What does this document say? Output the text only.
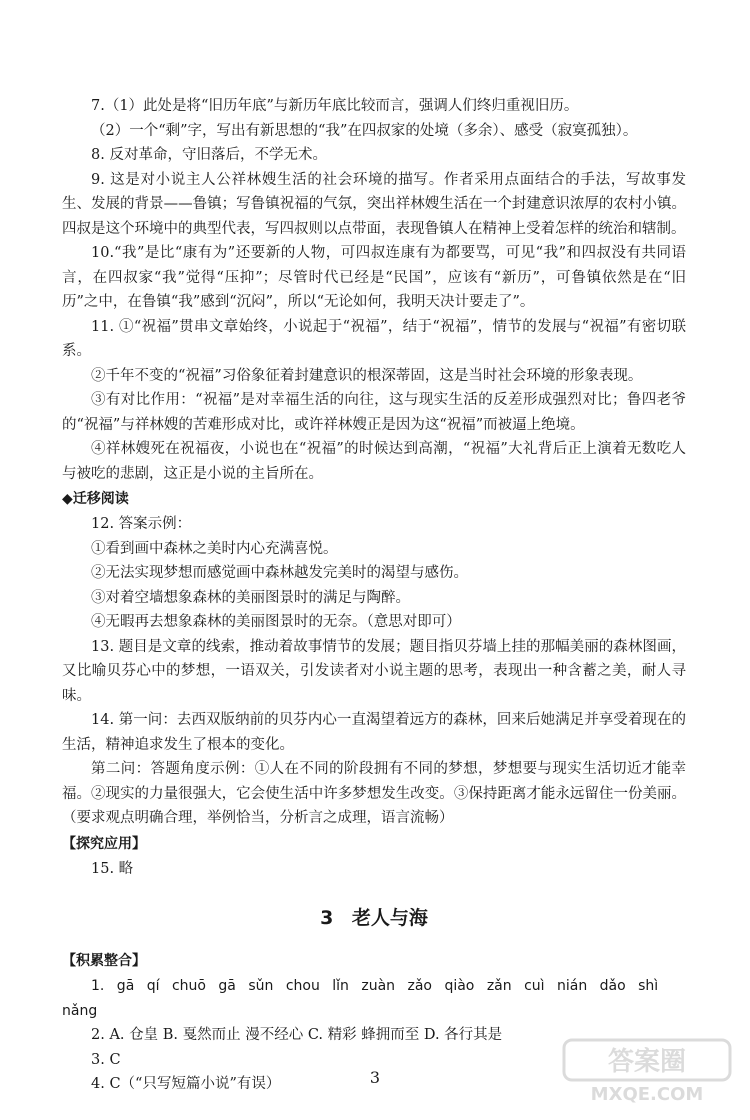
7.（1）此处是将“旧历年底”与新历年底比较而言，强调人们终归重视旧历。
（2）一个“剩”字，写出有新思想的“我”在四叔家的处境（多余）、感受（寂寞孤独）。
8. 反对革命，守旧落后，不学无术。
9. 这是对小说主人公祥林嫂生活的社会环境的描写。作者采用点面结合的手法，写故事发生、发展的背景——鲁镇；写鲁镇祝福的气氛，突出祥林嫂生活在一个封建意识浓厚的农村小镇。四叔是这个环境中的典型代表，写四叔则以点带面，表现鲁镇人在精神上受着怎样的统治和辖制。
10.“我”是比“康有为”还要新的人物，可四叔连康有为都要骂，可见“我”和四叔没有共同语言，在四叔家“我”觉得“压抑”；尽管时代已经是“民国”，应该有“新历”，可鲁镇依然是在“旧历”之中，在鲁镇“我”感到“沉闷”，所以“无论如何，我明天决计要走了”。
11. ①“祝福”贯串文章始终，小说起于“祝福”，结于“祝福”，情节的发展与“祝福”有密切联系。
②千年不变的“祝福”习俗象征着封建意识的根深蒂固，这是当时社会环境的形象表现。
③有对比作用：“祝福”是对幸福生活的向往，这与现实生活的反差形成强烈对比；鲁四老爷的“祝福”与祥林嫂的苦难形成对比，或许祥林嫂正是因为这“祝福”而被逼上绝境。
④祥林嫂死在祝福夜，小说也在“祝福”的时候达到高潮，“祝福”大礼背后正上演着无数吃人与被吃的悲剧，这正是小说的主旨所在。
◆迁移阅读
12. 答案示例：
①看到画中森林之美时内心充满喜悦。
②无法实现梦想而感觉画中森林越发完美时的渴望与感伤。
③对着空墙想象森林的美丽图景时的满足与陶醉。
④无暇再去想象森林的美丽图景时的无奈。（意思对即可）
13. 题目是文章的线索，推动着故事情节的发展；题目指贝芬墙上挂的那幅美丽的森林图画，又比喻贝芬心中的梦想，一语双关，引发读者对小说主题的思考，表现出一种含蓄之美，耐人寻味。
14. 第一问：去西双版纳前的贝芬内心一直渴望着远方的森林，回来后她满足并享受着现在的生活，精神追求发生了根本的变化。
第二问：答题角度示例：①人在不同的阶段拥有不同的梦想，梦想要与现实生活切近才能幸福。②现实的力量很强大，它会使生活中许多梦想发生改变。③保持距离才能永远留住一份美丽。（要求观点明确合理，举例恰当，分析言之成理，语言流畅）
【探究应用】
15. 略
3 老人与海
【积累整合】
1. gā qí chuō gā sǔn chou lǐn zuàn zǎo qiào zǎn cuì nián dǎo shì
nǎng
2. A. 仓皇 B. 戛然而止 漫不经心 C. 精彩 蜂拥而至 D. 各行其是
3. C
4. C（“只写短篇小说”有误）	3
答案圈
MXQE.COM
